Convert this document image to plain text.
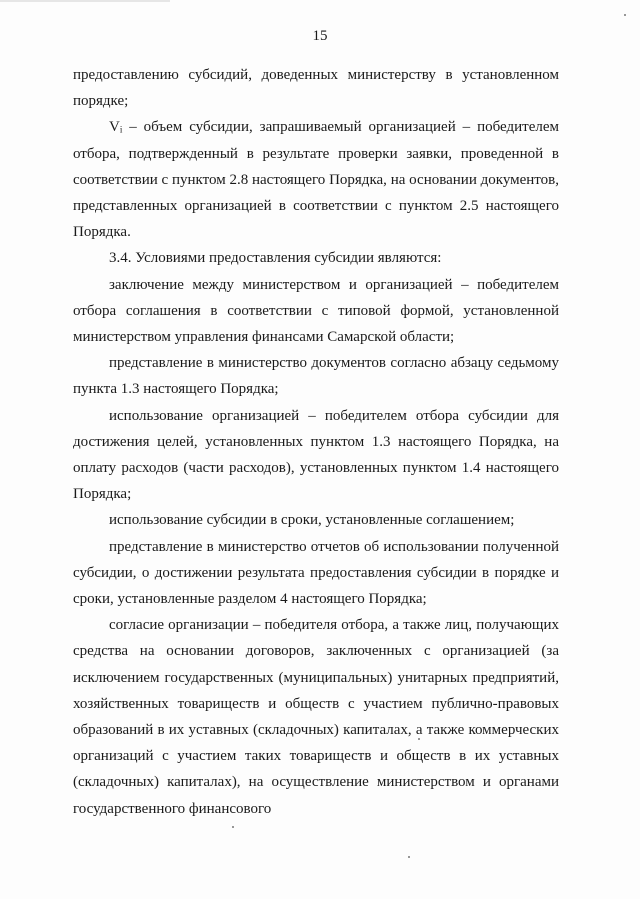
15

предоставлению субсидий, доведенных министерству в установленном порядке;

Vᵢ – объем субсидии, запрашиваемый организацией – победителем отбора, подтвержденный в результате проверки заявки, проведенной в соответствии с пунктом 2.8 настоящего Порядка, на основании документов, представленных организацией в соответствии с пунктом 2.5 настоящего Порядка.

3.4. Условиями предоставления субсидии являются:

заключение между министерством и организацией – победителем отбора соглашения в соответствии с типовой формой, установленной министерством управления финансами Самарской области;

представление в министерство документов согласно абзацу седьмому пункта 1.3 настоящего Порядка;

использование организацией – победителем отбора субсидии для достижения целей, установленных пунктом 1.3 настоящего Порядка, на оплату расходов (части расходов), установленных пунктом 1.4 настоящего Порядка;

использование субсидии в сроки, установленные соглашением;

представление в министерство отчетов об использовании полученной субсидии, о достижении результата предоставления субсидии в порядке и сроки, установленные разделом 4 настоящего Порядка;

согласие организации – победителя отбора, а также лиц, получающих средства на основании договоров, заключенных с организацией (за исключением государственных (муниципальных) унитарных предприятий, хозяйственных товариществ и обществ с участием публично-правовых образований в их уставных (складочных) капиталах, а также коммерческих организаций с участием таких товариществ и обществ в их уставных (складочных) капиталах), на осуществление министерством и органами государственного финансового
